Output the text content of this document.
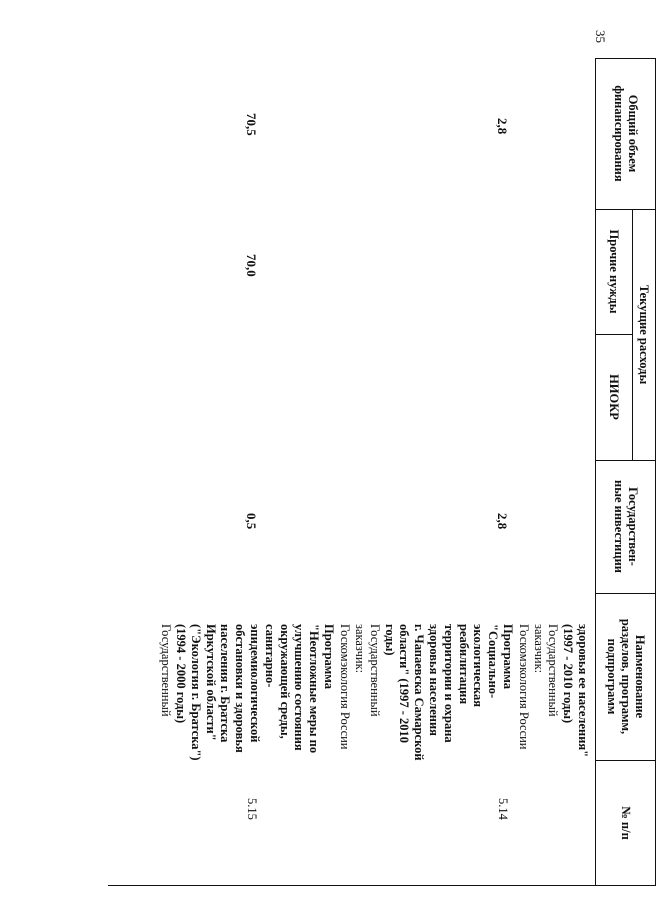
35
Общий объем
финансирования
Текущие расходы
Прочие нужды
НИОКР
Государствен-
ные инвестиции
Наименование
разделов, программ,
подпрограмм
№ п/п
5.14
2,8
2,8
5.15
0,5
70,0
70,5
здоровья ее населения"
(1997 - 2010 годы)
Государственный
заказчик:
Госкомэкология России
Программа
"Социально-
экологическая
реабилитация
территории и охрана
здоровья населения
г. Чапаевска Самарской
области" (1997 - 2010
годы)
Государственный
заказчик:
Госкомэкология России
Программа
"Неотложные меры по
улучшению состояния
окружающей среды,
санитарно-
эпидемиологической
обстановки и здоровья
населения г. Братска
Иркутской области"
("Экология г. Братска")
(1994 - 2000 годы)
Государственный
